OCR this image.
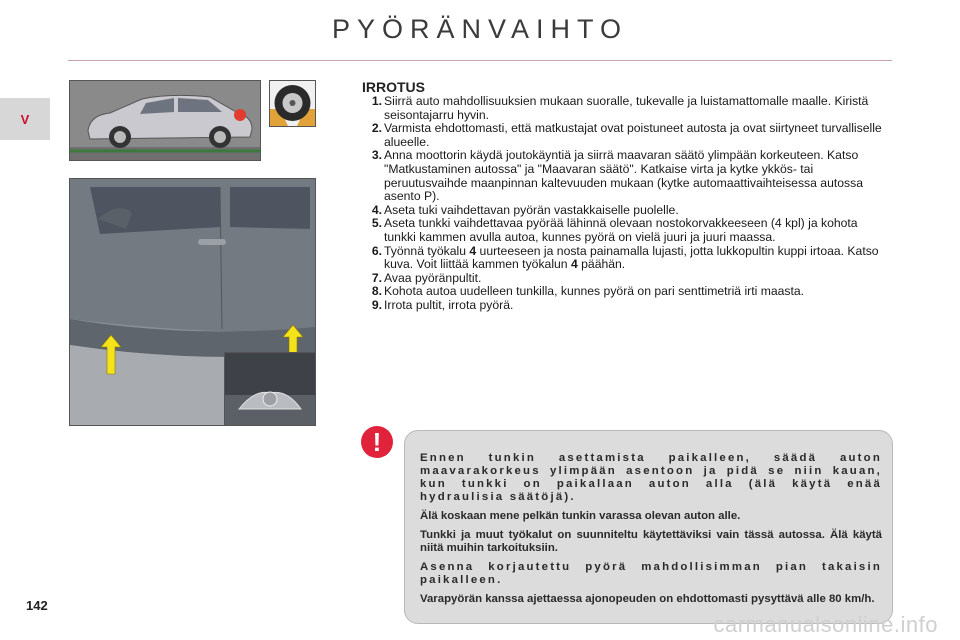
PYÖRÄNVAIHTO
V
IRROTUS
1. Siirrä auto mahdollisuuksien mukaan suoralle, tukevalle ja luistamattomalle maalle. Kiristä seisontajarru hyvin.
2. Varmista ehdottomasti, että matkustajat ovat poistuneet autosta ja ovat siirtyneet turvalliselle alueelle.
3. Anna moottorin käydä joutokäyntiä ja siirrä maavaran säätö ylimpään korkeuteen. Katso "Matkustaminen autossa" ja "Maavaran säätö". Katkaise virta ja kytke ykkös- tai peruutusvaihde maanpinnan kaltevuuden mukaan (kytke automaattivaihteisessa autossa asento P).
4. Aseta tuki vaihdettavan pyörän vastakkaiselle puolelle.
5. Aseta tunkki vaihdettavaa pyörää lähinnä olevaan nostokorvakkeeseen (4 kpl) ja kohota tunkki kammen avulla autoa, kunnes pyörä on vielä juuri ja juuri maassa.
6. Työnnä työkalu 4 uurteeseen ja nosta painamalla lujasti, jotta lukkopultin kuppi irtoaa. Katso kuva. Voit liittää kammen työkalun 4 päähän.
7. Avaa pyöränpultit.
8. Kohota autoa uudelleen tunkilla, kunnes pyörä on pari senttimetriä irti maasta.
9. Irrota pultit, irrota pyörä.
!

Ennen tunkin asettamista paikalleen, säädä auton maavarakorkeus ylimpään asentoon ja pidä se niin kauan, kun tunkki on paikallaan auton alla (älä käytä enää hydraulisia säätöjä).

Älä koskaan mene pelkän tunkin varassa olevan auton alle.

Tunkki ja muut työkalut on suunniteltu käytettäviksi vain tässä autossa. Älä käytä niitä muihin tarkoituksiin.

Asenna korjautettu pyörä mahdollisimman pian takaisin paikalleen.

Varapyörän kanssa ajettaessa ajonopeuden on ehdottomasti pysyttävä alle 80 km/h.

142
carmanualsonline.info
